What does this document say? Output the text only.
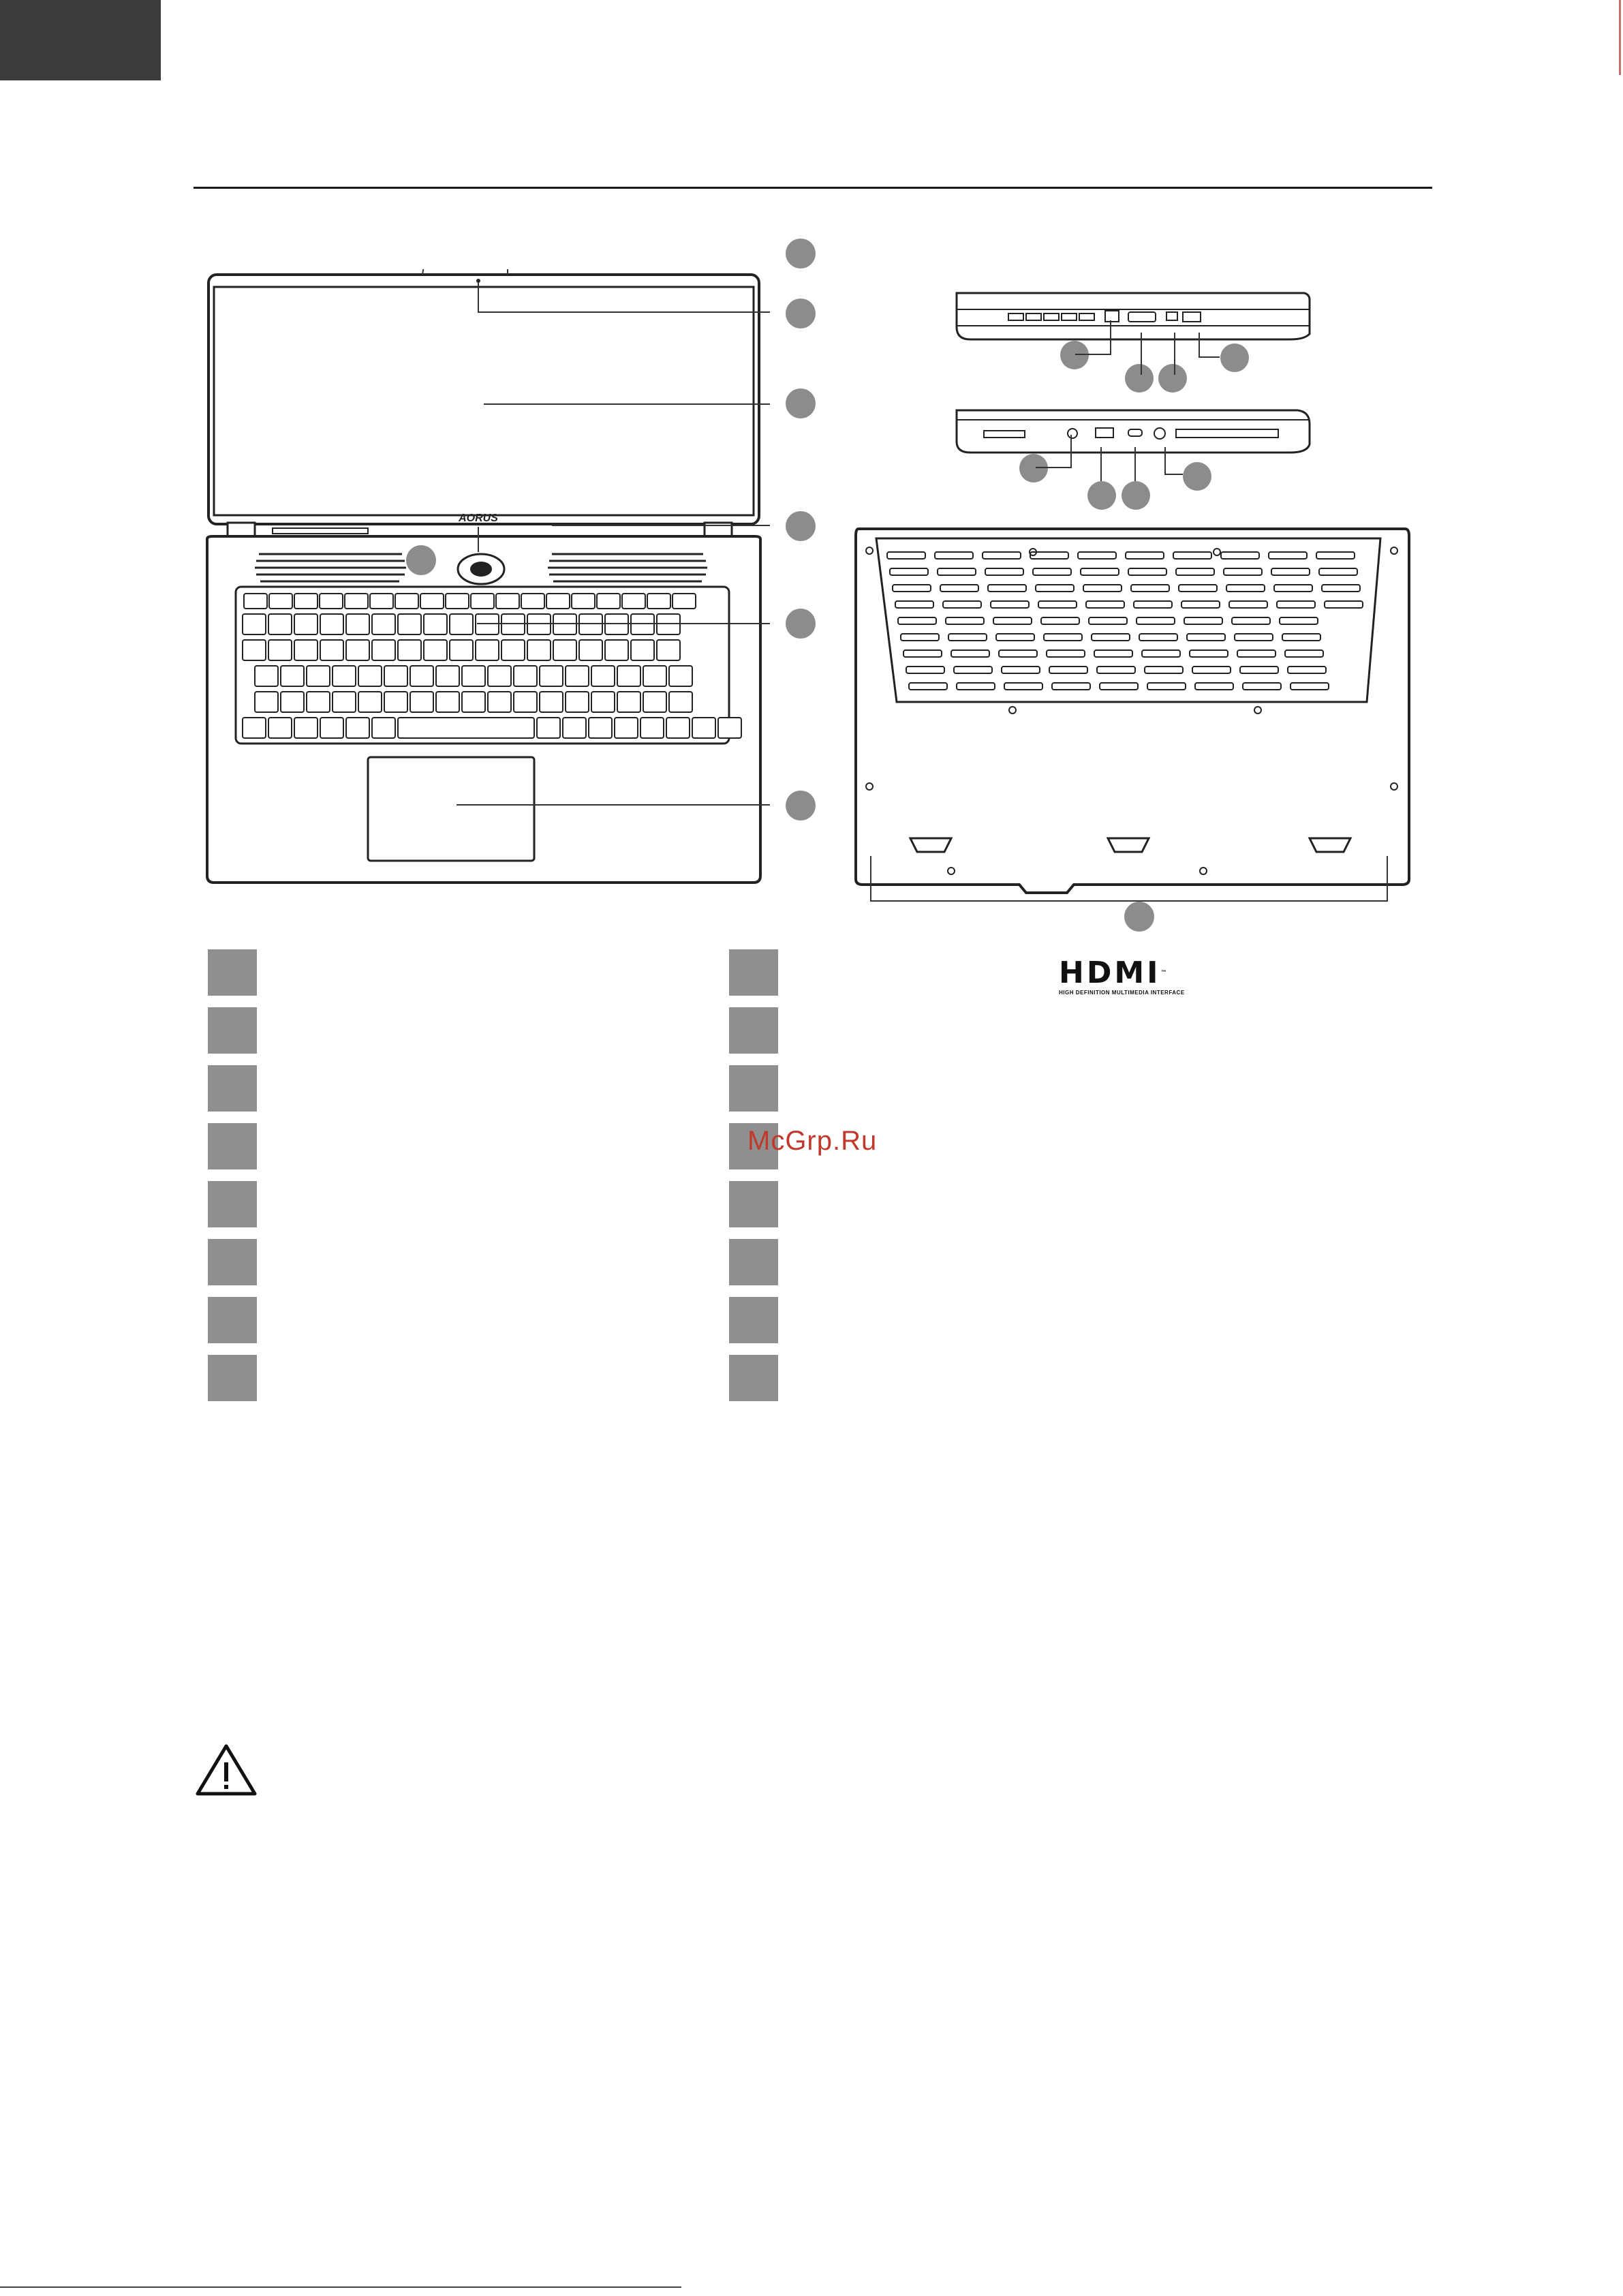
AORUS
HDMI™
HIGH DEFINITION MULTIMEDIA INTERFACE
McGrp.Ru
